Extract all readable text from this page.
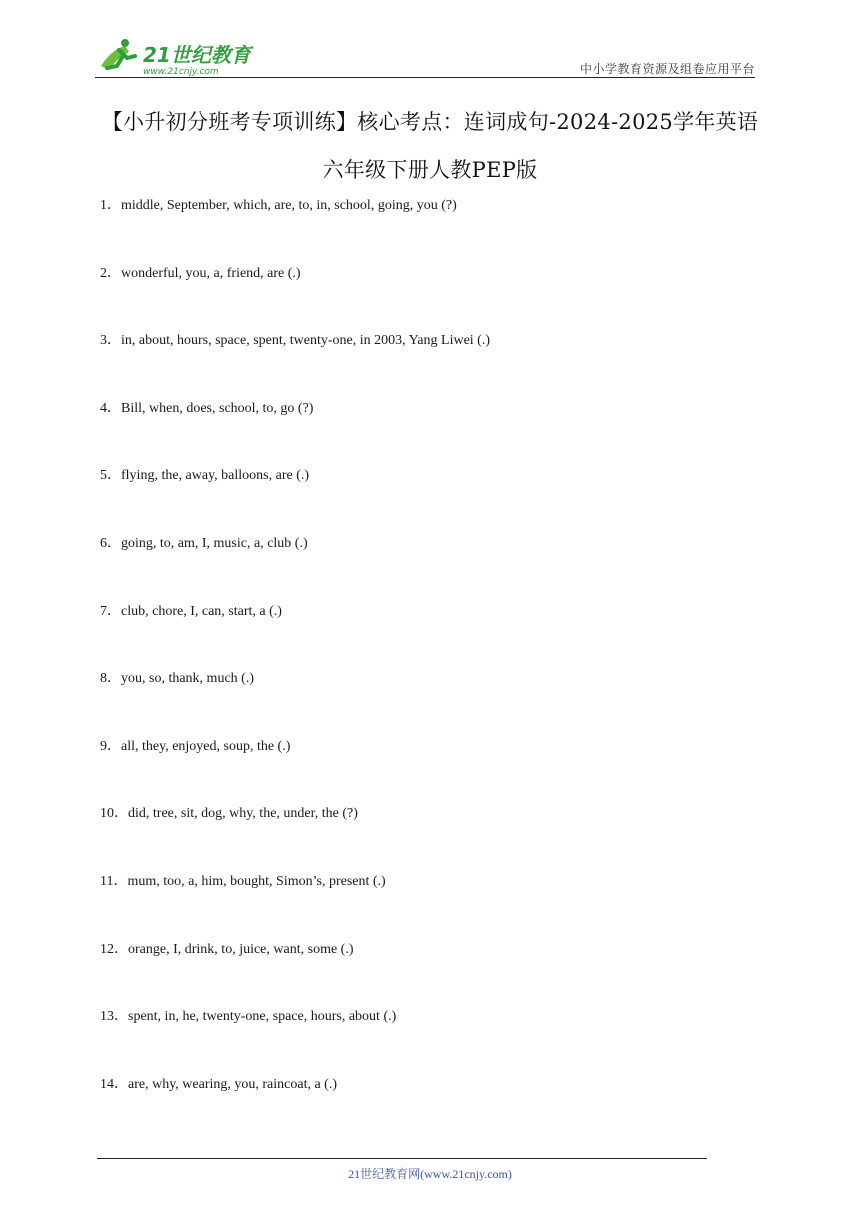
21世纪教育
www.21cnjy.com	中小学教育资源及组卷应用平台
【小升初分班考专项训练】核心考点：连词成句-2024-2025学年英语
六年级下册人教PEP版
1．middle, September, which, are, to, in, school, going, you (?)
2．wonderful, you, a, friend, are (.)
3．in, about, hours, space, spent, twenty-one, in 2003, Yang Liwei (.)
4．Bill, when, does, school, to, go (?)
5．flying, the, away, balloons, are (.)
6．going, to, am, I, music, a, club (.)
7．club, chore, I, can, start, a (.)
8．you, so, thank, much (.)
9．all, they, enjoyed, soup, the (.)
10．did, tree, sit, dog, why, the, under, the (?)
11．mum, too, a, him, bought, Simon’s, present (.)
12．orange, I, drink, to, juice, want, some (.)
13．spent, in, he, twenty-one, space, hours, about (.)
14．are, why, wearing, you, raincoat, a (.)
21世纪教育网(www.21cnjy.com)
